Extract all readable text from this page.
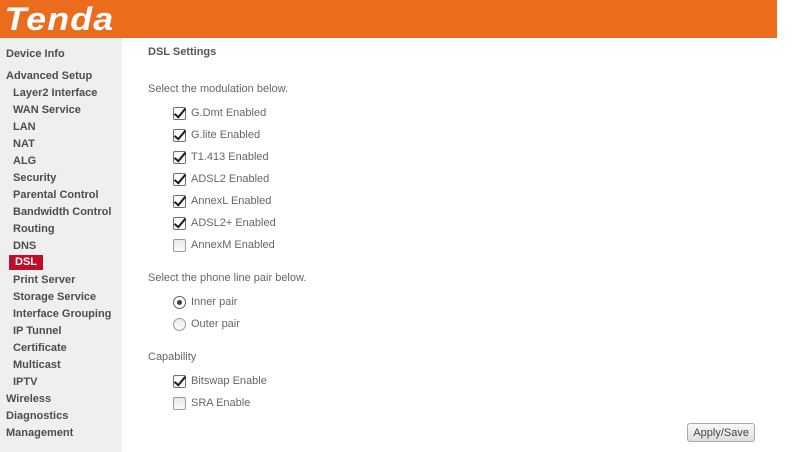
Tenda
Device Info
Advanced Setup
Layer2 Interface
WAN Service
LAN
NAT
ALG
Security
Parental Control
Bandwidth Control
Routing
DNS
DSL
Print Server
Storage Service
Interface Grouping
IP Tunnel
Certificate
Multicast
IPTV
Wireless
Diagnostics
Management
DSL Settings
Select the modulation below.
G.Dmt Enabled
G.lite Enabled
T1.413 Enabled
ADSL2 Enabled
AnnexL Enabled
ADSL2+ Enabled
AnnexM Enabled
Select the phone line pair below.
Inner pair
Outer pair
Capability
Bitswap Enable
SRA Enable
Apply/Save
